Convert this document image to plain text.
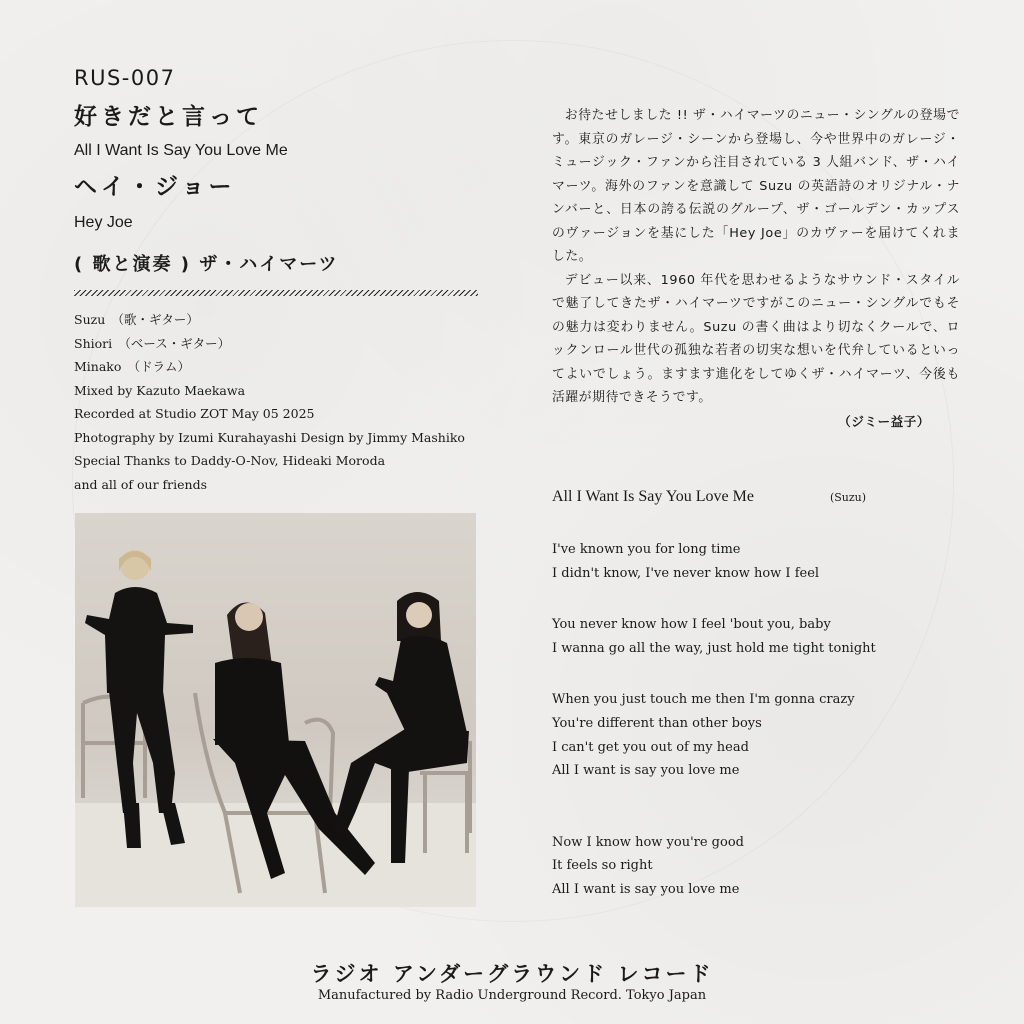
RUS-007
好きだと言って
All I Want Is Say You Love Me
ヘイ・ジョー
Hey Joe
( 歌と演奏 ) ザ・ハイマーツ
Suzu　（歌・ギター）
Shiori　（ベース・ギター）
Minako　（ドラム）
Mixed by Kazuto Maekawa
Recorded at Studio ZOT May 05 2025
Photography by Izumi Kurahayashi Design by Jimmy Mashiko
Special Thanks to Daddy-O-Nov, Hideaki Moroda
and all of our friends

お待たせしました !! ザ・ハイマーツのニュー・シングルの登場です。東京のガレージ・シーンから登場し、今や世界中のガレージ・ミュージック・ファンから注目されている 3 人組バンド、ザ・ハイマーツ。海外のファンを意識して Suzu の英語詩のオリジナル・ナンバーと、日本の誇る伝説のグループ、ザ・ゴールデン・カップスのヴァージョンを基にした「Hey Joe」のカヴァーを届けてくれました。

デビュー以来、1960 年代を思わせるようなサウンド・スタイルで魅了してきたザ・ハイマーツですがこのニュー・シングルでもその魅力は変わりません。Suzu の書く曲はより切なくクールで、ロックンロール世代の孤独な若者の切実な想いを代弁しているといってよいでしょう。ますます進化をしてゆくザ・ハイマーツ、今後も活躍が期待できそうです。

（ジミー益子）
All I Want Is Say You Love Me	(Suzu)
I've known you for long time
I didn't know, I've never know how I feel
You never know how I feel 'bout you, baby
I wanna go all the way, just hold me tight tonight
When you just touch me then I'm gonna crazy
You're different than other boys
I can't get you out of my head
All I want is say you love me
Now I know how you're good
It feels so right
All I want is say you love me
ラジオ アンダーグラウンド レコード
Manufactured by Radio Underground Record. Tokyo Japan
